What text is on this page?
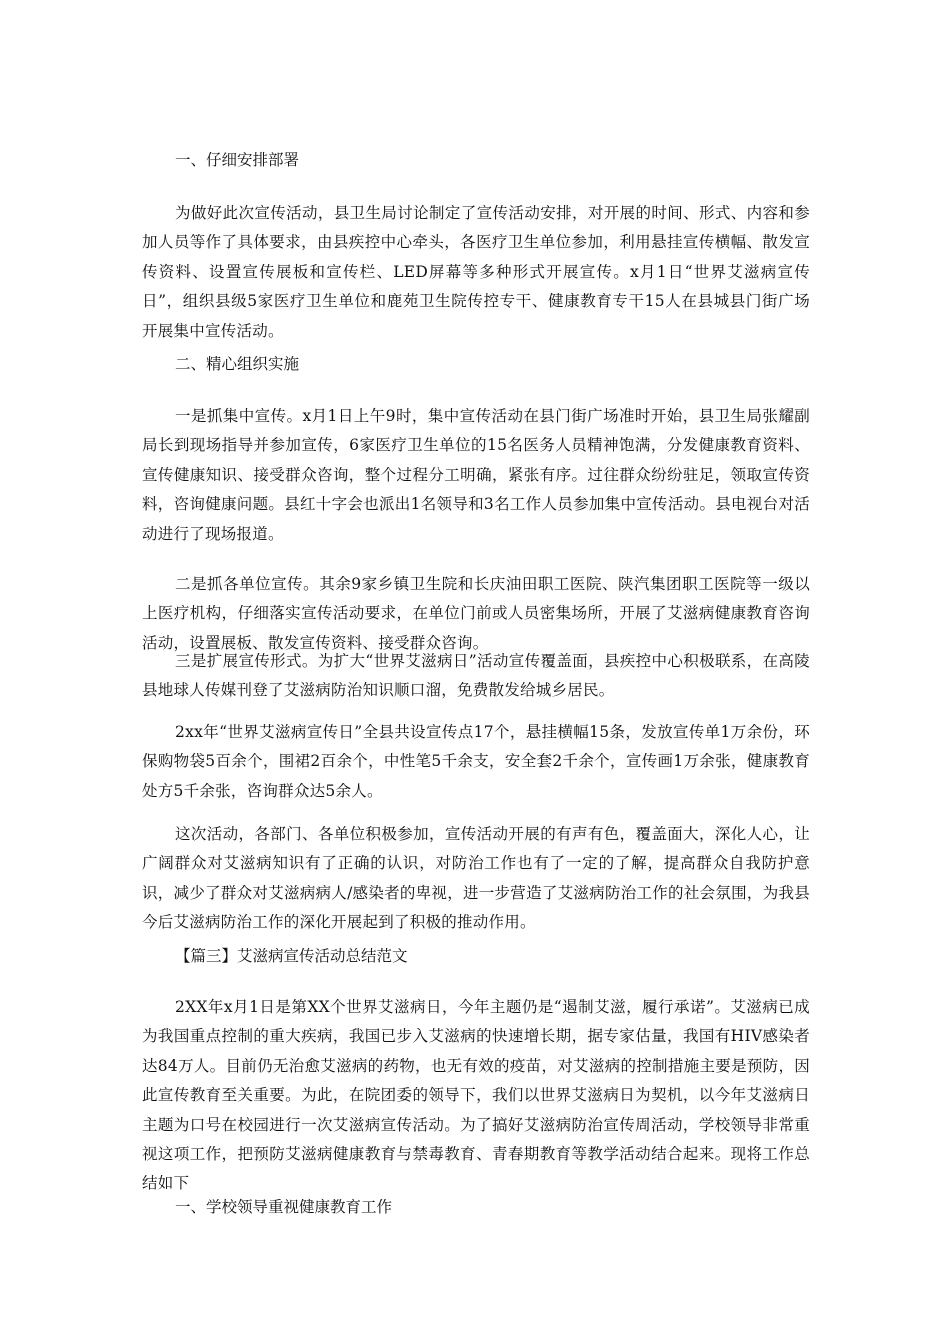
一、仔细安排部署

为做好此次宣传活动，县卫生局讨论制定了宣传活动安排，对开展的时间、形式、内容和参加人员等作了具体要求，由县疾控中心牵头，各医疗卫生单位参加，利用悬挂宣传横幅、散发宣传资料、设置宣传展板和宣传栏、LED屏幕等多种形式开展宣传。x月1日“世界艾滋病宣传日”，组织县级5家医疗卫生单位和鹿苑卫生院传控专干、健康教育专干15人在县城县门街广场开展集中宣传活动。

二、精心组织实施

一是抓集中宣传。x月1日上午9时，集中宣传活动在县门街广场准时开始，县卫生局张耀副局长到现场指导并参加宣传，6家医疗卫生单位的15名医务人员精神饱满，分发健康教育资料、宣传健康知识、接受群众咨询，整个过程分工明确，紧张有序。过往群众纷纷驻足，领取宣传资料，咨询健康问题。县红十字会也派出1名领导和3名工作人员参加集中宣传活动。县电视台对活动进行了现场报道。

二是抓各单位宣传。其余9家乡镇卫生院和长庆油田职工医院、陕汽集团职工医院等一级以上医疗机构，仔细落实宣传活动要求，在单位门前或人员密集场所，开展了艾滋病健康教育咨询活动，设置展板、散发宣传资料、接受群众咨询。

三是扩展宣传形式。为扩大“世界艾滋病日”活动宣传覆盖面，县疾控中心积极联系，在高陵县地球人传媒刊登了艾滋病防治知识顺口溜，免费散发给城乡居民。

2xx年“世界艾滋病宣传日”全县共设宣传点17个，悬挂横幅15条，发放宣传单1万余份，环保购物袋5百余个，围裙2百余个，中性笔5千余支，安全套2千余个，宣传画1万余张，健康教育处方5千余张，咨询群众达5余人。

这次活动，各部门、各单位积极参加，宣传活动开展的有声有色，覆盖面大，深化人心，让广阔群众对艾滋病知识有了正确的认识，对防治工作也有了一定的了解，提高群众自我防护意识，减少了群众对艾滋病病人/感染者的卑视，进一步营造了艾滋病防治工作的社会氛围，为我县今后艾滋病防治工作的深化开展起到了积极的推动作用。

【篇三】艾滋病宣传活动总结范文

2XX年x月1日是第XX个世界艾滋病日，今年主题仍是“遏制艾滋，履行承诺”。艾滋病已成为我国重点控制的重大疾病，我国已步入艾滋病的快速增长期，据专家估量，我国有HIV感染者达84万人。目前仍无治愈艾滋病的药物，也无有效的疫苗，对艾滋病的控制措施主要是预防，因此宣传教育至关重要。为此，在院团委的领导下，我们以世界艾滋病日为契机，以今年艾滋病日主题为口号在校园进行一次艾滋病宣传活动。为了搞好艾滋病防治宣传周活动，学校领导非常重视这项工作，把预防艾滋病健康教育与禁毒教育、青春期教育等教学活动结合起来。现将工作总结如下

一、学校领导重视健康教育工作
